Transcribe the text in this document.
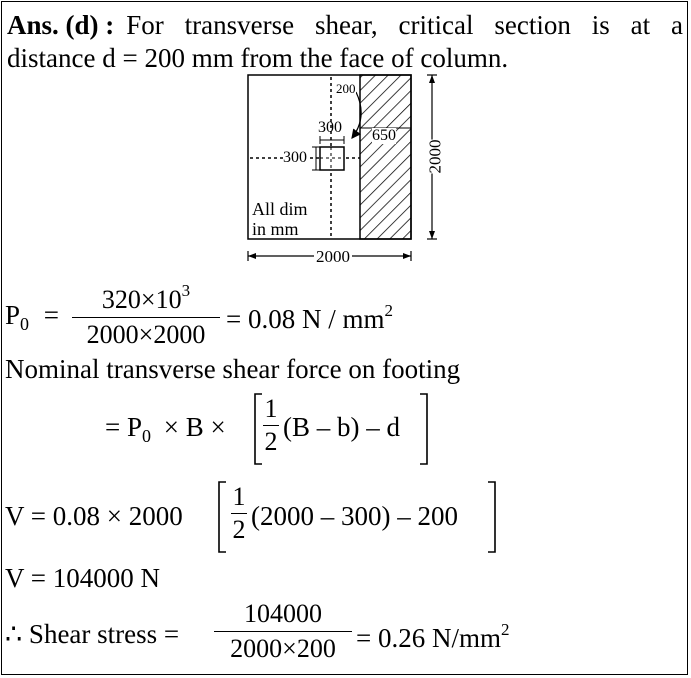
Ans. (d) : For transverse shear, critical section is at a
distance d = 200 mm from the face of column.
200
300
300
650
2000
2000
All dim
in mm
$P_0$ =
$320\times 10^3$
2000×2000
= 0.08 N / $mm^2$
Nominal transverse shear force on footing
= $P_0 \times B$ ×
1
2 (B – b) – d
V = 0.08 × 2000
1
2 (2000 – 300) – 200
V = 104000 N
∴ Shear stress =
104000
2000×200 = 0.26 $N/mm^2$
